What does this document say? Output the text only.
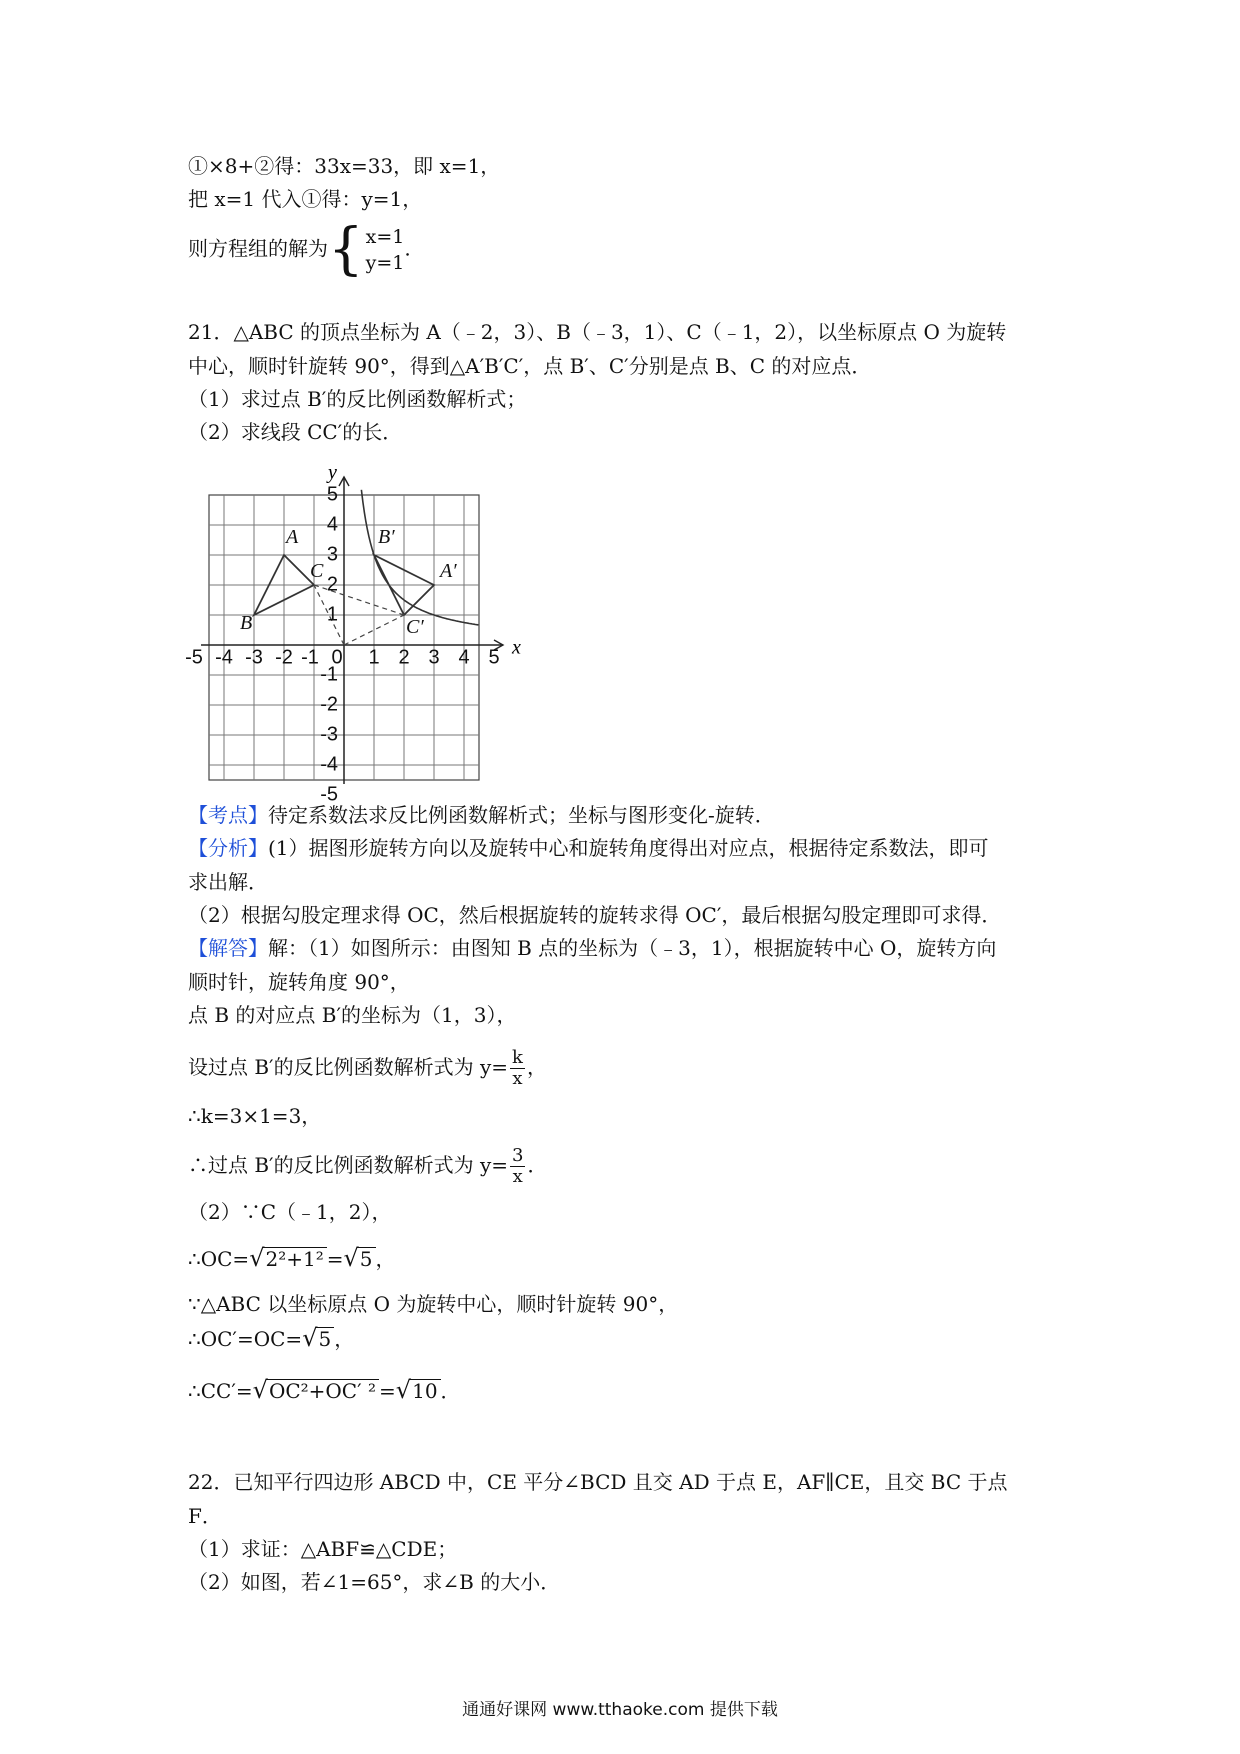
①×8+②得：33x=33，即 x=1，
把 x=1 代入①得：y=1，
则方程组的解为 { x=1
y=1
.
21．△ABC 的顶点坐标为 A（﹣2，3）、B（﹣3，1）、C（﹣1，2），以坐标原点 O 为旋转
中心，顺时针旋转 90°，得到△A′B′C′，点 B′、C′分别是点 B、C 的对应点．
（1）求过点 B′的反比例函数解析式；
（2）求线段 CC′的长．
-5 -4 -3 -2 -1 0 1 2 3 4 5
5
4
3
2
1
-1
-2
-3
-4
-5
x
y
A
B
C	A′
B′
C′
【考点】待定系数法求反比例函数解析式；坐标与图形变化-旋转．
【分析】(1）据图形旋转方向以及旋转中心和旋转角度得出对应点，根据待定系数法，即可
求出解．
（2）根据勾股定理求得 OC，然后根据旋转的旋转求得 OC′，最后根据勾股定理即可求得．
【解答】解：（1）如图所示：由图知 B 点的坐标为（﹣3，1），根据旋转中心 O，旋转方向
顺时针，旋转角度 90°，
点 B 的对应点 B′的坐标为（1，3），
设过点 B′的反比例函数解析式为 $y= \frac{k}{x}$ ，
∴k=3×1=3，
∴过点 B′的反比例函数解析式为 $y= \frac{3}{x}$ ．
（2）∵C（﹣1，2），
∴OC=√2²+1² =√5 ，
∵△ABC 以坐标原点 O 为旋转中心，顺时针旋转 90°，
∴OC′=OC=√5 ，
∴CC′=√OC²+OC′ ² =√10 ．
22．已知平行四边形 ABCD 中，CE 平分∠BCD 且交 AD 于点 E，AF∥CE，且交 BC 于点
F．
（1）求证：△ABF≌△CDE；
（2）如图，若∠1=65°，求∠B 的大小．
通通好课网 www.tthaoke.com 提供下载
